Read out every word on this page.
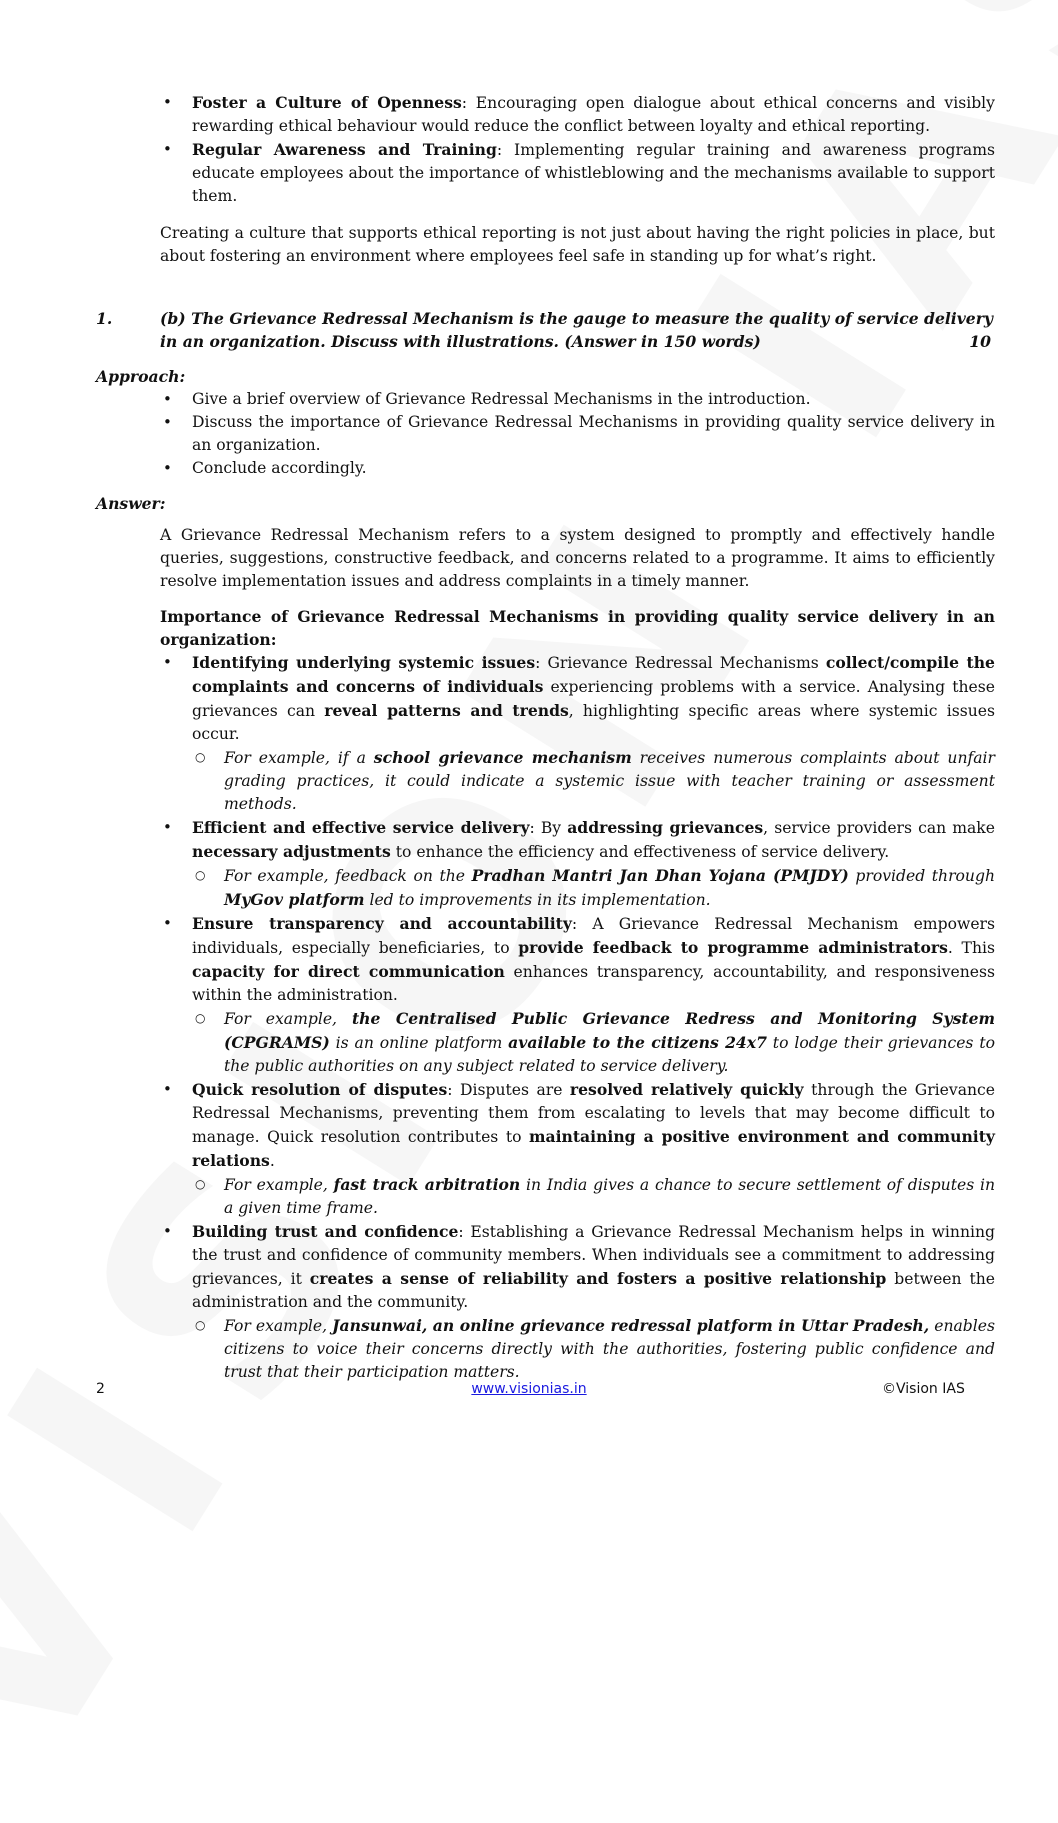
• Foster a Culture of Openness: Encouraging open dialogue about ethical concerns and visibly rewarding ethical behaviour would reduce the conflict between loyalty and ethical reporting.
• Regular Awareness and Training: Implementing regular training and awareness programs educate employees about the importance of whistleblowing and the mechanisms available to support them.

Creating a culture that supports ethical reporting is not just about having the right policies in place, but about fostering an environment where employees feel safe in standing up for what’s right.

1.	(b) The Grievance Redressal Mechanism is the gauge to measure the quality of service delivery in an organization. Discuss with illustrations. (Answer in 150 words)	10
Approach:
• Give a brief overview of Grievance Redressal Mechanisms in the introduction.
• Discuss the importance of Grievance Redressal Mechanisms in providing quality service delivery in an organization.
• Conclude accordingly.
Answer:

A Grievance Redressal Mechanism refers to a system designed to promptly and effectively handle queries, suggestions, constructive feedback, and concerns related to a programme. It aims to efficiently resolve implementation issues and address complaints in a timely manner.

Importance of Grievance Redressal Mechanisms in providing quality service delivery in an organization:

• Identifying underlying systemic issues: Grievance Redressal Mechanisms collect/compile the complaints and concerns of individuals experiencing problems with a service. Analysing these grievances can reveal patterns and trends, highlighting specific areas where systemic issues occur.
○ For example, if a school grievance mechanism receives numerous complaints about unfair grading practices, it could indicate a systemic issue with teacher training or assessment methods.
• Efficient and effective service delivery: By addressing grievances, service providers can make necessary adjustments to enhance the efficiency and effectiveness of service delivery.
○ For example, feedback on the Pradhan Mantri Jan Dhan Yojana (PMJDY) provided through MyGov platform led to improvements in its implementation.
• Ensure transparency and accountability: A Grievance Redressal Mechanism empowers individuals, especially beneficiaries, to provide feedback to programme administrators. This capacity for direct communication enhances transparency, accountability, and responsiveness within the administration.
○ For example, the Centralised Public Grievance Redress and Monitoring System (CPGRAMS) is an online platform available to the citizens 24x7 to lodge their grievances to the public authorities on any subject related to service delivery.
• Quick resolution of disputes: Disputes are resolved relatively quickly through the Grievance Redressal Mechanisms, preventing them from escalating to levels that may become difficult to manage. Quick resolution contributes to maintaining a positive environment and community relations.
○ For example, fast track arbitration in India gives a chance to secure settlement of disputes in a given time frame.
• Building trust and confidence: Establishing a Grievance Redressal Mechanism helps in winning the trust and confidence of community members. When individuals see a commitment to addressing grievances, it creates a sense of reliability and fosters a positive relationship between the administration and the community.
○ For example, Jansunwai, an online grievance redressal platform in Uttar Pradesh, enables citizens to voice their concerns directly with the authorities, fostering public confidence and trust that their participation matters.
2	www.visionias.in	©Vision IAS
